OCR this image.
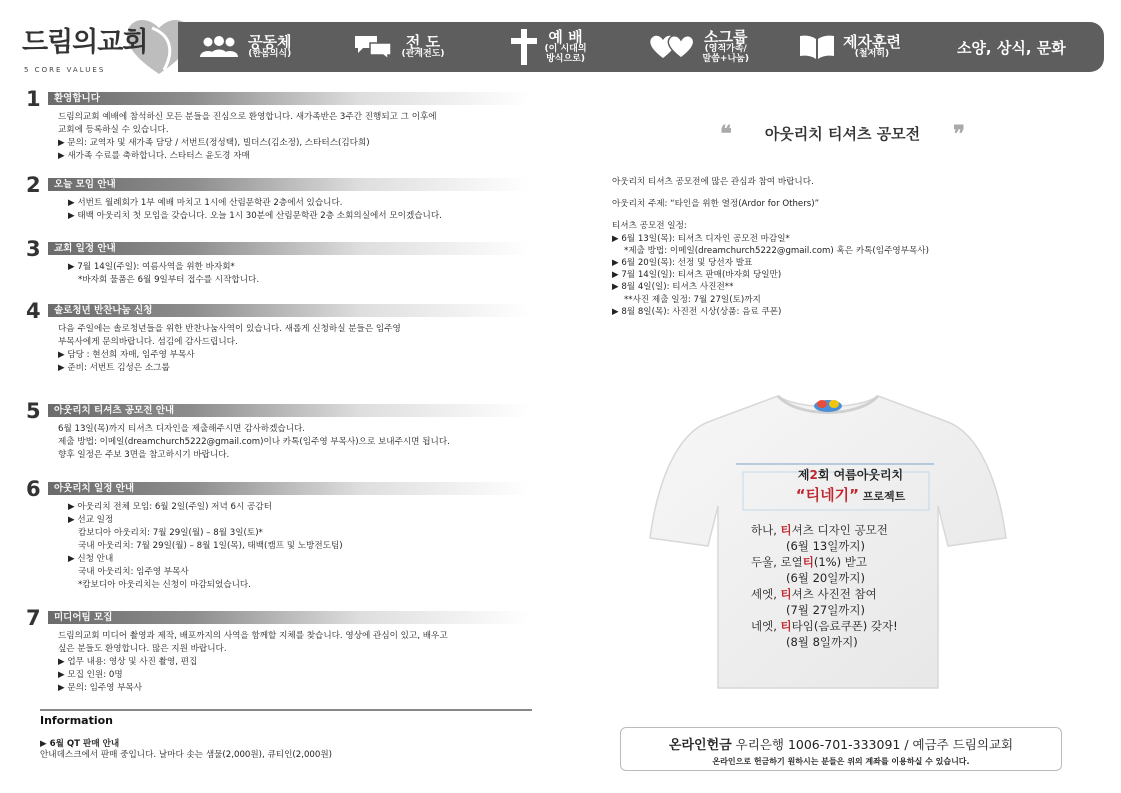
드림의교회
5 CORE VALUES
공동체
(한몸의식)
전 도
(관계전도)
예 배
(이 시대의
방식으로)
소그룹
(영적가족/
말씀+나눔)
제자훈련
(철저히)	소양, 상식, 문화
1 환영합니다
드림의교회 예배에 참석하신 모든 분들을 진심으로 환영합니다. 새가족반은 3주간 진행되고 그 이후에
교회에 등록하실 수 있습니다.
▶ 문의: 교역자 및 새가족 담당 / 서번트(정성택), 빌더스(김소정), 스타터스(김다희)
▶ 새가족 수료를 축하합니다. 스타터스 윤도경 자매
2 오늘 모임 안내
▶ 서번트 월례회가 1부 예배 마치고 1시에 산림문학관 2층에서 있습니다.
▶ 태백 아웃리치 첫 모임을 갖습니다. 오늘 1시 30분에 산림문학관 2층 소회의실에서 모이겠습니다.
3 교회 일정 안내
▶ 7월 14일(주일): 여름사역을 위한 바자회*
*바자회 물품은 6월 9일부터 접수를 시작합니다.
4 솔로청년 반찬나눔 신청
다음 주일에는 솔로청년들을 위한 반찬나눔사역이 있습니다. 새롭게 신청하실 분들은 임주영
부목사에게 문의바랍니다. 섬김에 감사드립니다.
▶ 담당 : 현선희 자매, 임주영 부목사
▶ 준비: 서번트 김성은 소그룹
5 아웃리치 티셔츠 공모전 안내
6월 13일(목)까지 티셔츠 디자인을 제출해주시면 감사하겠습니다.
제출 방법: 이메일(dreamchurch5222@gmail.com)이나 카톡(임주영 부목사)으로 보내주시면 됩니다.
향후 일정은 주보 3면을 참고하시기 바랍니다.
6 아웃리치 일정 안내
▶ 아웃리치 전체 모임: 6월 2일(주일) 저녁 6시 공감터
▶ 선교 일정
캄보디아 아웃리치: 7월 29일(월) – 8월 3일(토)*
국내 아웃리치: 7월 29일(월) – 8월 1일(목), 태백(캠프 및 노방전도팀)
▶ 신청 안내
국내 아웃리치: 임주영 부목사
*캄보디아 아웃리치는 신청이 마감되었습니다.
7 미디어팀 모집
드림의교회 미디어 촬영과 제작, 배포까지의 사역을 함께할 지체를 찾습니다. 영상에 관심이 있고, 배우고
싶은 분들도 환영합니다. 많은 지원 바랍니다.
▶ 업무 내용: 영상 및 사진 촬영, 편집
▶ 모집 인원: 0명
▶ 문의: 임주영 부목사
Information
▶ 6월 QT 판매 안내
안내데스크에서 판매 중입니다. 날마다 솟는 샘물(2,000원), 큐티인(2,000원)
❝ 아웃리치 티셔츠 공모전 ❞
아웃리치 티셔츠 공모전에 많은 관심과 참여 바랍니다.
아웃리치 주제: “타인을 위한 열정(Ardor for Others)”
티셔츠 공모전 일정:
▶ 6월 13일(목): 티셔츠 디자인 공모전 마감일*
*제출 방법: 이메일(dreamchurch5222@gmail.com) 혹은 카톡(임주영부목사)
▶ 6월 20일(목): 선정 및 당선자 발표
▶ 7월 14일(일): 티셔츠 판매(바자회 당일만)
▶ 8월 4일(일): 티셔츠 사진전**
**사진 제출 일정: 7월 27일(토)까지
▶ 8월 8일(목): 사진전 시상(상품: 음료 쿠폰)
제2회 여름아웃리치
“티네기” 프로젝트
하나, 티셔츠 디자인 공모전
(6월 13일까지)
두울, 로열티(1%) 받고
(6월 20일까지)
세엣, 티셔츠 사진전 참여
(7월 27일까지)
네엣, 티타임(음료쿠폰) 갖자!
(8월 8일까지)
온라인헌금 우리은행 1006-701-333091 / 예금주 드림의교회
온라인으로 헌금하기 원하시는 분들은 위의 계좌를 이용하실 수 있습니다.
